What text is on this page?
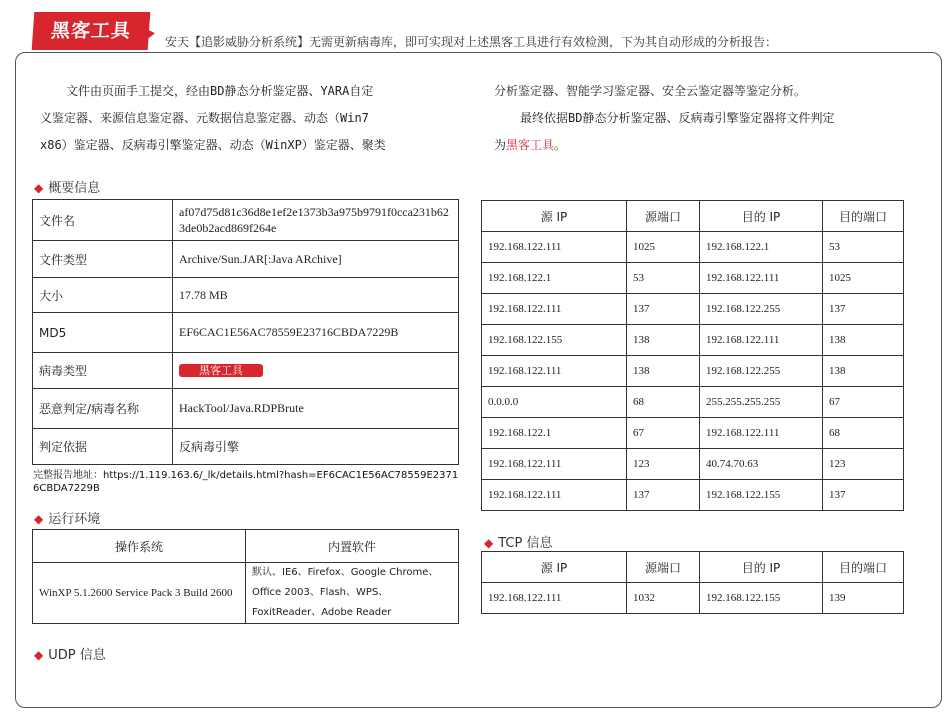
黑客工具	安天【追影威胁分析系统】无需更新病毒库，即可实现对上述黑客工具进行有效检测，下为其自动形成的分析报告：
文件由页面手工提交，经由BD静态分析鉴定器、YARA自定
义鉴定器、来源信息鉴定器、元数据信息鉴定器、动态（Win7
x86）鉴定器、反病毒引擎鉴定器、动态（WinXP）鉴定器、聚类
分析鉴定器、智能学习鉴定器、安全云鉴定器等鉴定分析。
最终依据BD静态分析鉴定器、反病毒引擎鉴定器将文件判定
为黑客工具。
◆ 概要信息
文件名	af07d75d81c36d8e1ef2e1373b3a975b9791f0cca231b623de0b2acd869f264e
文件类型	Archive/Sun.JAR[:Java ARchive]
大小	17.78 MB
MD5	EF6CAC1E56AC78559E23716CBDA7229B
病毒类型	黑客工具
恶意判定/病毒名称	HackTool/Java.RDPBrute
判定依据	反病毒引擎
完整报告地址：https://1.119.163.6/_lk/details.html?hash=EF6CAC1E56AC78559E23716CBDA7229B
◆ 运行环境
操作系统	内置软件
WinXP 5.1.2600 Service Pack 3 Build 2600	默认、IE6、Firefox、Google Chrome、Office 2003、Flash、WPS、FoxitReader、Adobe Reader
◆ UDP 信息
源 IP	源端口	目的 IP	目的端口
192.168.122.111	1025	192.168.122.1	53
192.168.122.1	53	192.168.122.111	1025
192.168.122.111	137	192.168.122.255	137
192.168.122.155	138	192.168.122.111	138
192.168.122.111	138	192.168.122.255	138
0.0.0.0	68	255.255.255.255	67
192.168.122.1	67	192.168.122.111	68
192.168.122.111	123	40.74.70.63	123
192.168.122.111	137	192.168.122.155	137
◆ TCP 信息
源 IP	源端口	目的 IP	目的端口
192.168.122.111	1032	192.168.122.155	139
